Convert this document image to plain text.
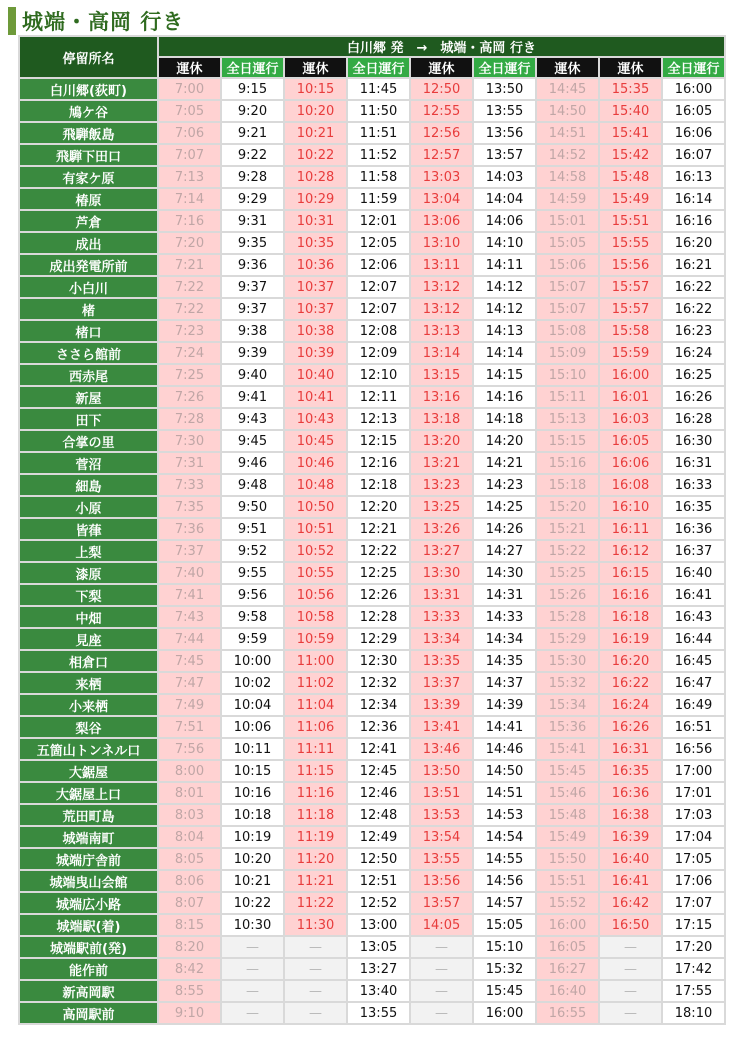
城端・高岡 行き
停留所名	白川郷 発　→　城端・高岡 行き								
	運休	全日運行	運休	全日運行	運休	全日運行	運休	運休	全日運行
白川郷(荻町)	7:00	9:15	10:15	11:45	12:50	13:50	14:45	15:35	16:00
鳩ケ谷	7:05	9:20	10:20	11:50	12:55	13:55	14:50	15:40	16:05
飛騨飯島	7:06	9:21	10:21	11:51	12:56	13:56	14:51	15:41	16:06
飛騨下田口	7:07	9:22	10:22	11:52	12:57	13:57	14:52	15:42	16:07
有家ケ原	7:13	9:28	10:28	11:58	13:03	14:03	14:58	15:48	16:13
椿原	7:14	9:29	10:29	11:59	13:04	14:04	14:59	15:49	16:14
芦倉	7:16	9:31	10:31	12:01	13:06	14:06	15:01	15:51	16:16
成出	7:20	9:35	10:35	12:05	13:10	14:10	15:05	15:55	16:20
成出発電所前	7:21	9:36	10:36	12:06	13:11	14:11	15:06	15:56	16:21
小白川	7:22	9:37	10:37	12:07	13:12	14:12	15:07	15:57	16:22
楮	7:22	9:37	10:37	12:07	13:12	14:12	15:07	15:57	16:22
楮口	7:23	9:38	10:38	12:08	13:13	14:13	15:08	15:58	16:23
ささら館前	7:24	9:39	10:39	12:09	13:14	14:14	15:09	15:59	16:24
西赤尾	7:25	9:40	10:40	12:10	13:15	14:15	15:10	16:00	16:25
新屋	7:26	9:41	10:41	12:11	13:16	14:16	15:11	16:01	16:26
田下	7:28	9:43	10:43	12:13	13:18	14:18	15:13	16:03	16:28
合掌の里	7:30	9:45	10:45	12:15	13:20	14:20	15:15	16:05	16:30
菅沼	7:31	9:46	10:46	12:16	13:21	14:21	15:16	16:06	16:31
細島	7:33	9:48	10:48	12:18	13:23	14:23	15:18	16:08	16:33
小原	7:35	9:50	10:50	12:20	13:25	14:25	15:20	16:10	16:35
皆葎	7:36	9:51	10:51	12:21	13:26	14:26	15:21	16:11	16:36
上梨	7:37	9:52	10:52	12:22	13:27	14:27	15:22	16:12	16:37
漆原	7:40	9:55	10:55	12:25	13:30	14:30	15:25	16:15	16:40
下梨	7:41	9:56	10:56	12:26	13:31	14:31	15:26	16:16	16:41
中畑	7:43	9:58	10:58	12:28	13:33	14:33	15:28	16:18	16:43
見座	7:44	9:59	10:59	12:29	13:34	14:34	15:29	16:19	16:44
相倉口	7:45	10:00	11:00	12:30	13:35	14:35	15:30	16:20	16:45
来栖	7:47	10:02	11:02	12:32	13:37	14:37	15:32	16:22	16:47
小来栖	7:49	10:04	11:04	12:34	13:39	14:39	15:34	16:24	16:49
梨谷	7:51	10:06	11:06	12:36	13:41	14:41	15:36	16:26	16:51
五箇山トンネル口	7:56	10:11	11:11	12:41	13:46	14:46	15:41	16:31	16:56
大鋸屋	8:00	10:15	11:15	12:45	13:50	14:50	15:45	16:35	17:00
大鋸屋上口	8:01	10:16	11:16	12:46	13:51	14:51	15:46	16:36	17:01
荒田町島	8:03	10:18	11:18	12:48	13:53	14:53	15:48	16:38	17:03
城端南町	8:04	10:19	11:19	12:49	13:54	14:54	15:49	16:39	17:04
城端庁舎前	8:05	10:20	11:20	12:50	13:55	14:55	15:50	16:40	17:05
城端曳山会館	8:06	10:21	11:21	12:51	13:56	14:56	15:51	16:41	17:06
城端広小路	8:07	10:22	11:22	12:52	13:57	14:57	15:52	16:42	17:07
城端駅(着)	8:15	10:30	11:30	13:00	14:05	15:05	16:00	16:50	17:15
城端駅前(発)	8:20	—	—	13:05	—	15:10	16:05	—	17:20
能作前	8:42	—	—	13:27	—	15:32	16:27	—	17:42
新高岡駅	8:55	—	—	13:40	—	15:45	16:40	—	17:55
高岡駅前	9:10	—	—	13:55	—	16:00	16:55	—	18:10
